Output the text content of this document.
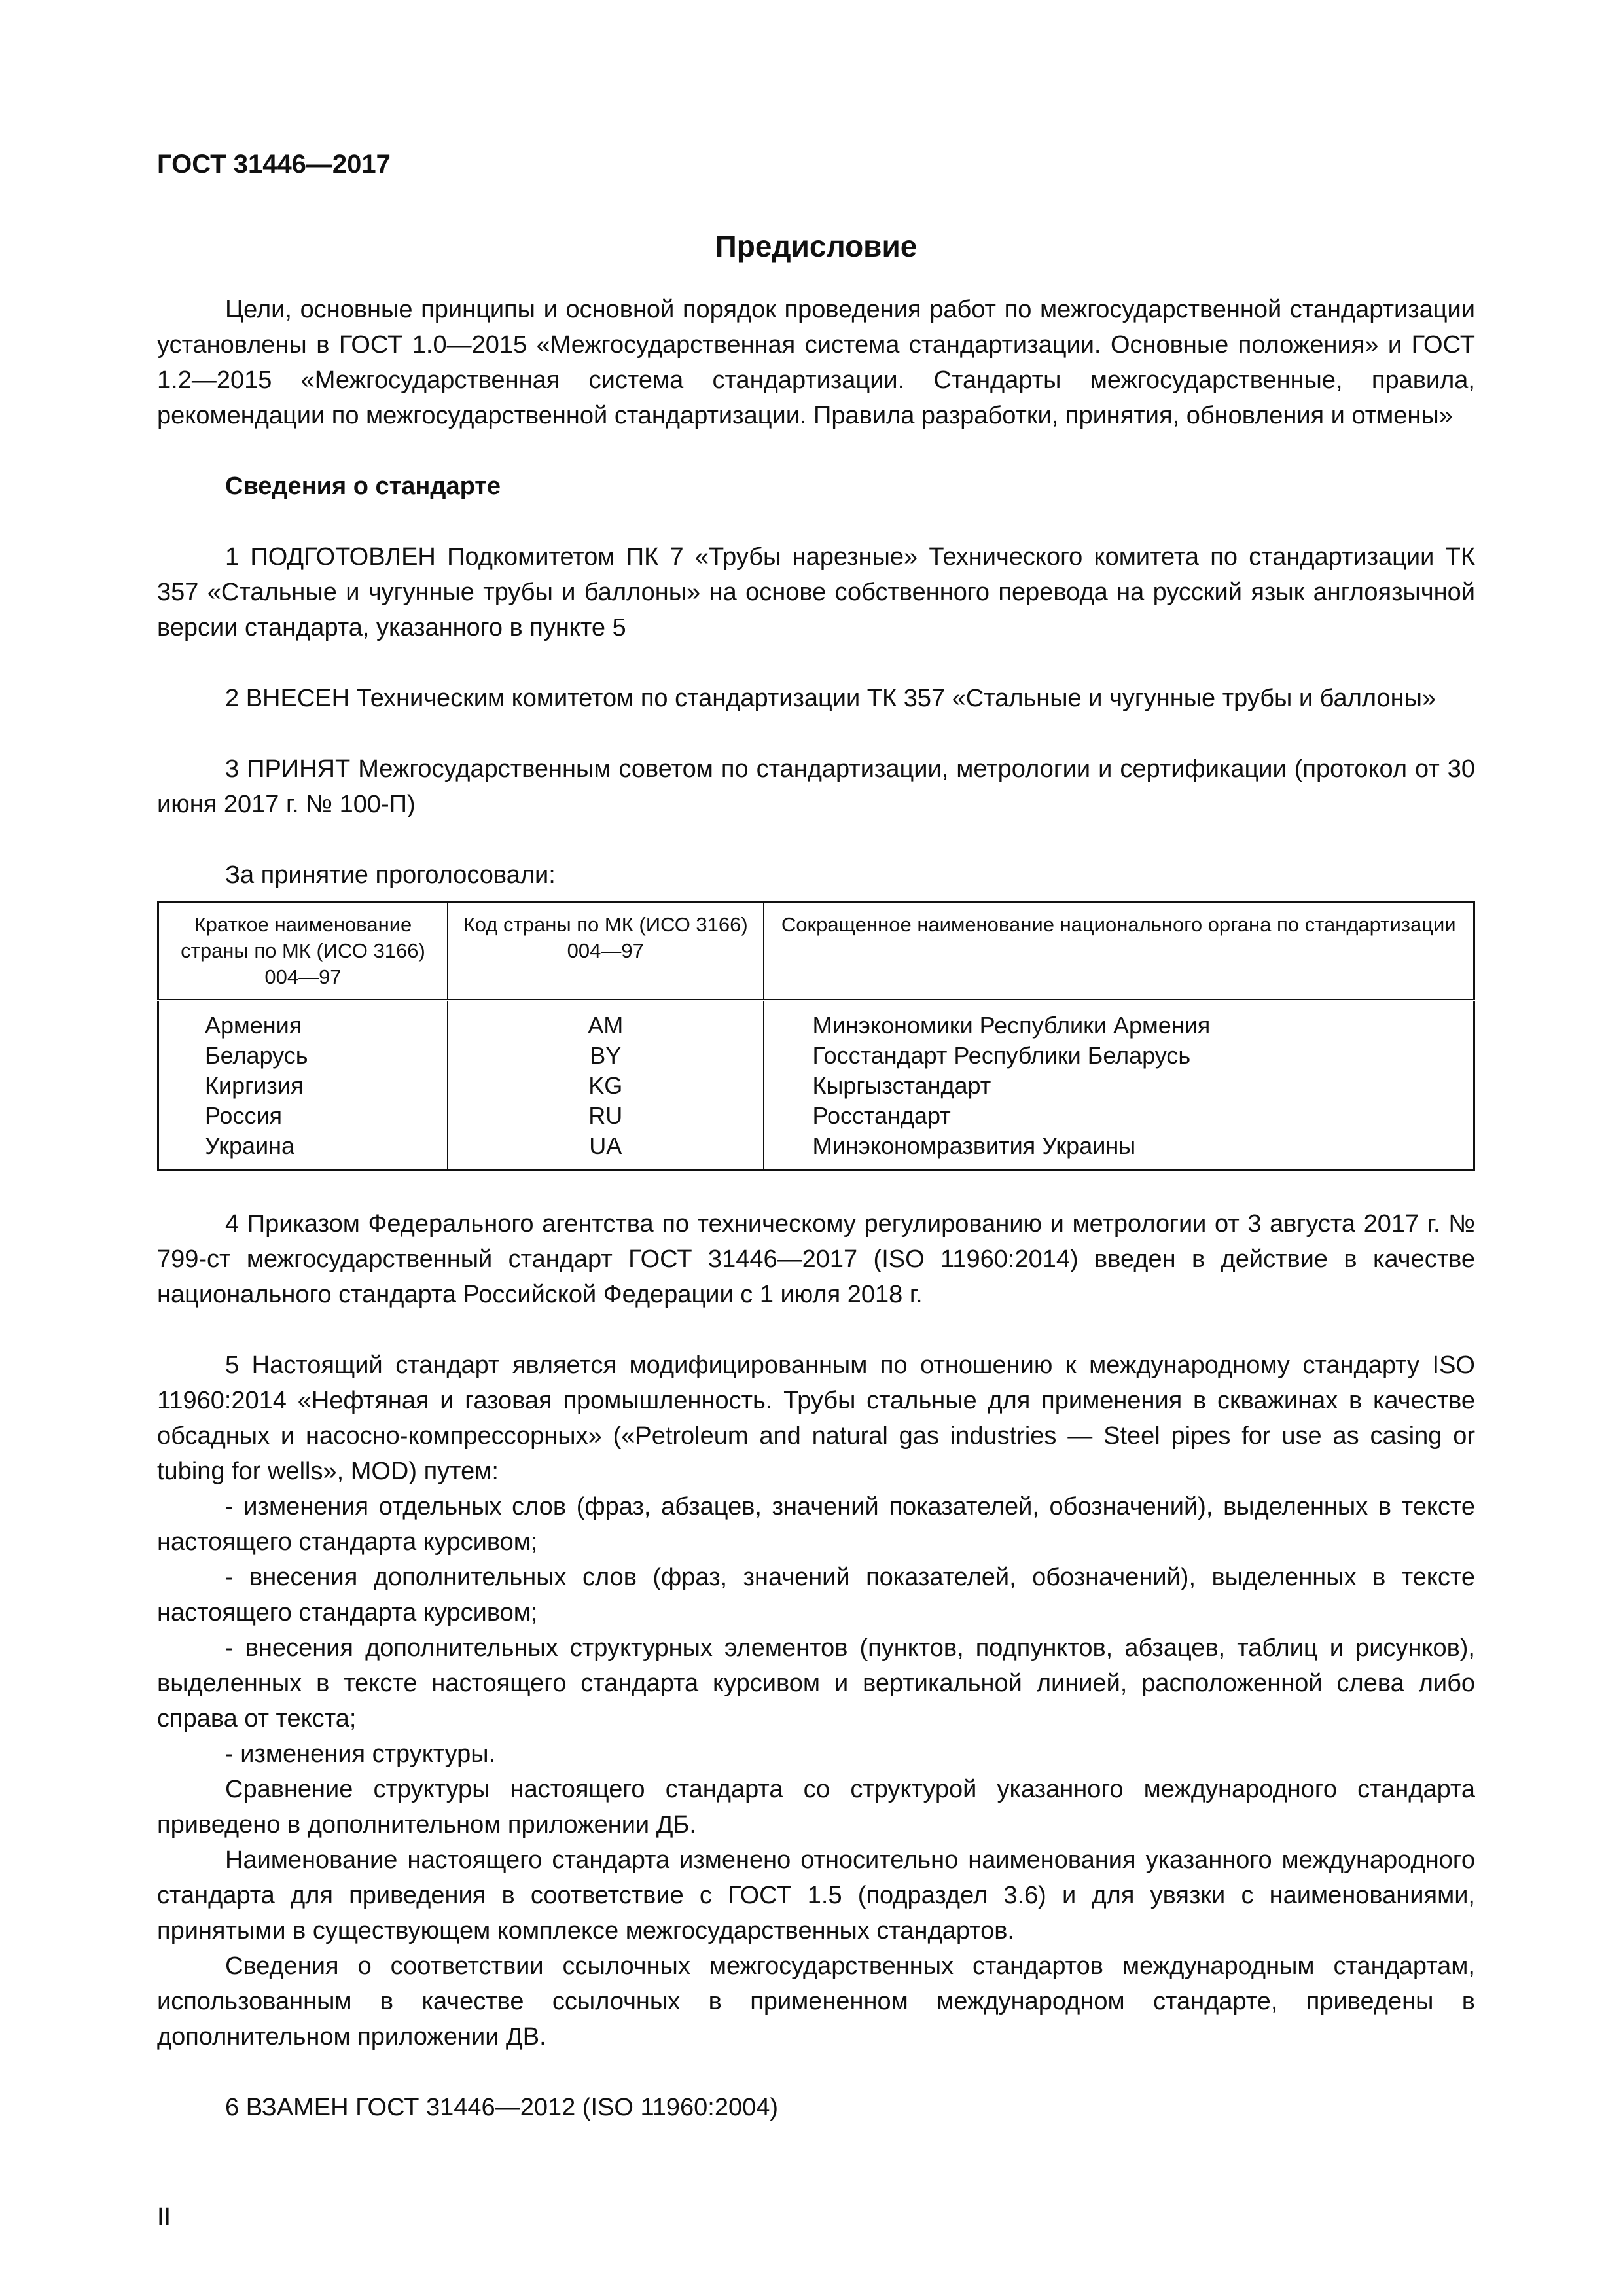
ГОСТ 31446—2017
Предисловие

Цели, основные принципы и основной порядок проведения работ по межгосударственной стандартизации установлены в ГОСТ 1.0—2015 «Межгосударственная система стандартизации. Основные положения» и ГОСТ 1.2—2015 «Межгосударственная система стандартизации. Стандарты межгосударственные, правила, рекомендации по межгосударственной стандартизации. Правила разработки, принятия, обновления и отмены»

Сведения о стандарте

1 ПОДГОТОВЛЕН Подкомитетом ПК 7 «Трубы нарезные» Технического комитета по стандартизации ТК 357 «Стальные и чугунные трубы и баллоны» на основе собственного перевода на русский язык англоязычной версии стандарта, указанного в пункте 5

2 ВНЕСЕН Техническим комитетом по стандартизации ТК 357 «Стальные и чугунные трубы и баллоны»

3 ПРИНЯТ Межгосударственным советом по стандартизации, метрологии и сертификации (протокол от 30 июня 2017 г. № 100-П)

За принятие проголосовали:

Краткое наименование страны по МК (ИСО 3166) 004—97	Код страны по МК (ИСО 3166) 004—97	Сокращенное наименование национального органа по стандартизации
Армения	AM	Минэкономики Республики Армения
Беларусь	BY	Госстандарт Республики Беларусь
Киргизия	KG	Кыргызстандарт
Россия	RU	Росстандарт
Украина	UA	Минэкономразвития Украины

4 Приказом Федерального агентства по техническому регулированию и метрологии от 3 августа 2017 г. № 799-ст межгосударственный стандарт ГОСТ 31446—2017 (ISO 11960:2014) введен в действие в качестве национального стандарта Российской Федерации с 1 июля 2018 г.

5 Настоящий стандарт является модифицированным по отношению к международному стандарту ISO 11960:2014 «Нефтяная и газовая промышленность. Трубы стальные для применения в скважинах в качестве обсадных и насосно-компрессорных» («Petroleum and natural gas industries — Steel pipes for use as casing or tubing for wells», MOD) путем:

- изменения отдельных слов (фраз, абзацев, значений показателей, обозначений), выделенных в тексте настоящего стандарта курсивом;

- внесения дополнительных слов (фраз, значений показателей, обозначений), выделенных в тексте настоящего стандарта курсивом;

- внесения дополнительных структурных элементов (пунктов, подпунктов, абзацев, таблиц и рисунков), выделенных в тексте настоящего стандарта курсивом и вертикальной линией, расположенной слева либо справа от текста;

- изменения структуры.

Сравнение структуры настоящего стандарта со структурой указанного международного стандарта приведено в дополнительном приложении ДБ.

Наименование настоящего стандарта изменено относительно наименования указанного международного стандарта для приведения в соответствие с ГОСТ 1.5 (подраздел 3.6) и для увязки с наименованиями, принятыми в существующем комплексе межгосударственных стандартов.

Сведения о соответствии ссылочных межгосударственных стандартов международным стандартам, использованным в качестве ссылочных в примененном международном стандарте, приведены в дополнительном приложении ДВ.

6 ВЗАМЕН ГОСТ 31446—2012 (ISO 11960:2004)

II
